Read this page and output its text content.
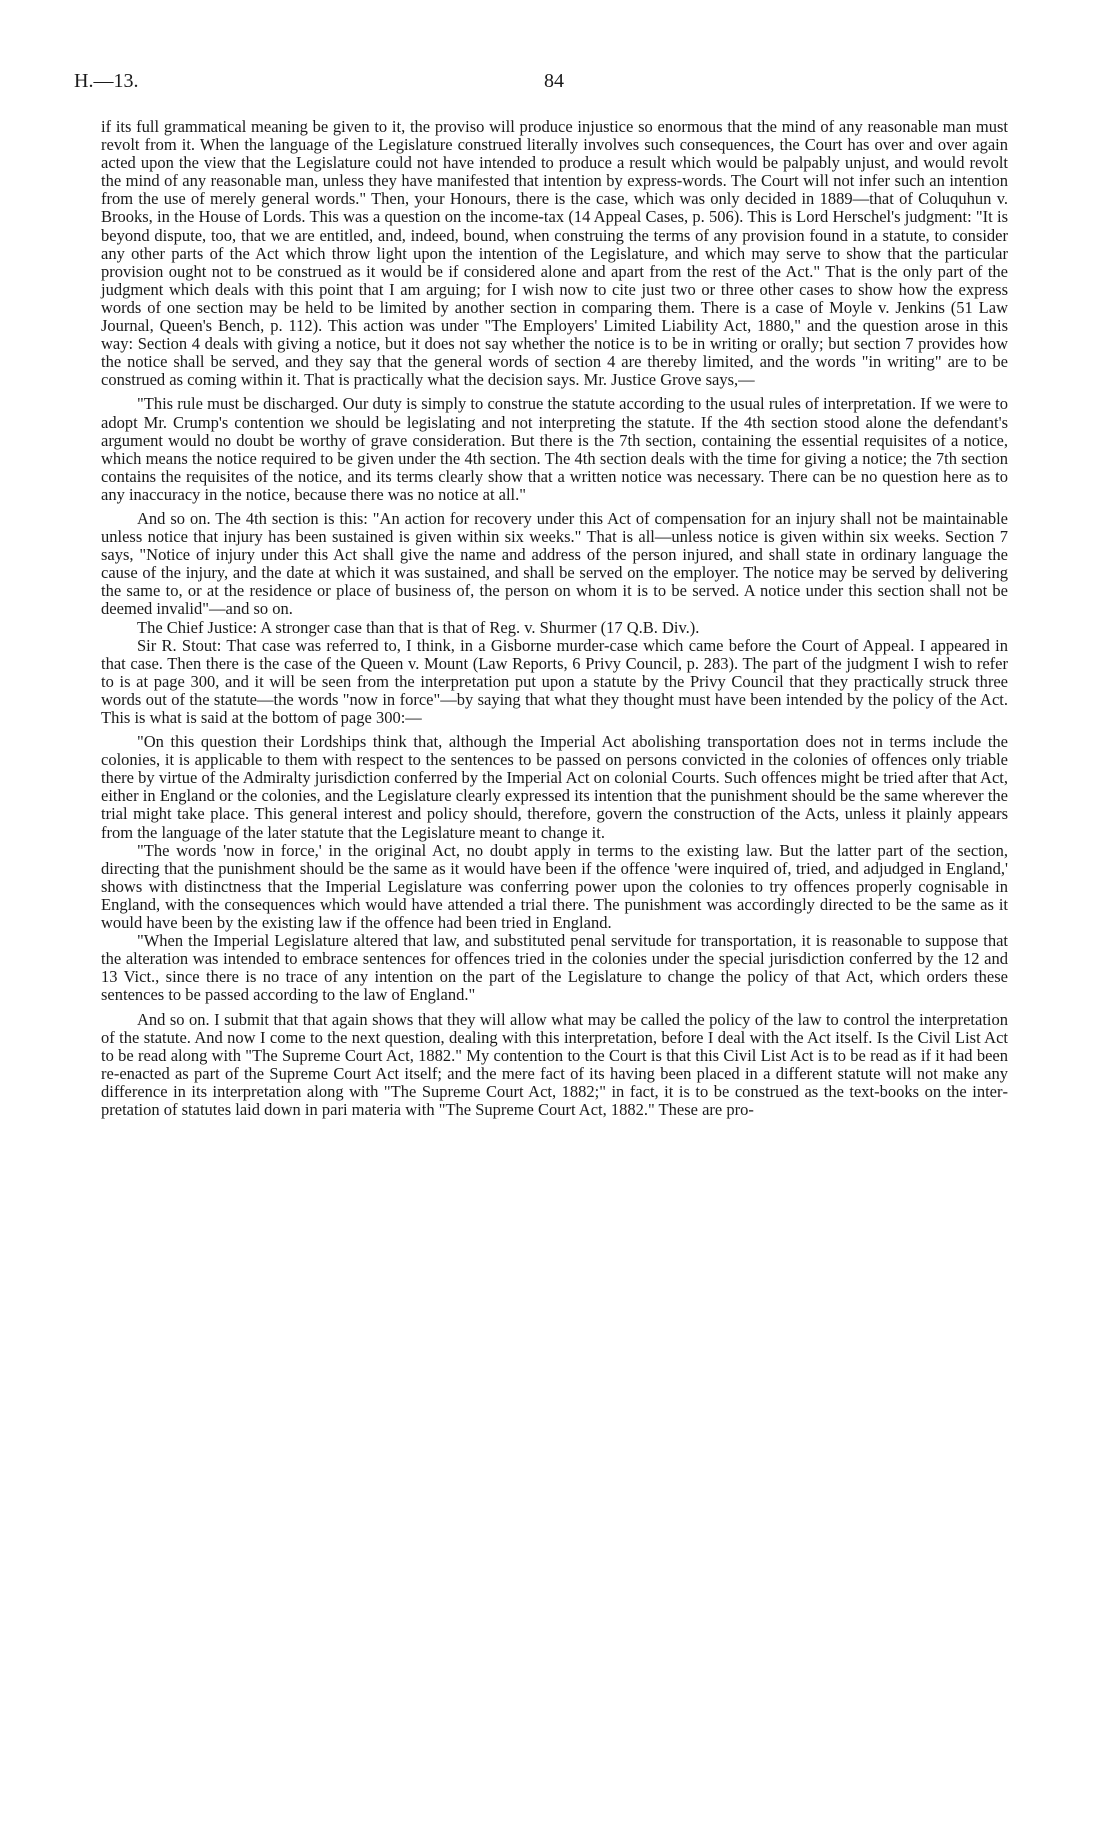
H.—13.	84

if its full grammatical meaning be given to it, the proviso will produce injustice so enormous that the mind of any reasonable man must revolt from it. When the language of the Legislature construed literally involves such consequences, the Court has over and over again acted upon the view that the Legislature could not have intended to produce a result which would be palpably unjust, and would revolt the mind of any reasonable man, unless they have manifested that intention by express-words. The Court will not infer such an intention from the use of merely general words." Then, your Honours, there is the case, which was only decided in 1889—that of Coluquhun v. Brooks, in the House of Lords. This was a question on the income-tax (14 Appeal Cases, p. 506). This is Lord Herschel's judgment: "It is beyond dispute, too, that we are entitled, and, indeed, bound, when construing the terms of any provision found in a statute, to consider any other parts of the Act which throw light upon the intention of the Legislature, and which may serve to show that the particular provision ought not to be construed as it would be if considered alone and apart from the rest of the Act." That is the only part of the judgment which deals with this point that I am arguing; for I wish now to cite just two or three other cases to show how the express words of one section may be held to be limited by another section in comparing them. There is a case of Moyle v. Jenkins (51 Law Journal, Queen's Bench, p. 112). This action was under "The Employers' Limited Liability Act, 1880," and the question arose in this way: Section 4 deals with giving a notice, but it does not say whether the notice is to be in writing or orally; but section 7 provides how the notice shall be served, and they say that the general words of section 4 are thereby limited, and the words "in writing" are to be construed as coming within it. That is practically what the decision says. Mr. Justice Grove says,—

"This rule must be discharged. Our duty is simply to construe the statute according to the usual rules of interpretation. If we were to adopt Mr. Crump's contention we should be legislating and not interpreting the statute. If the 4th section stood alone the defendant's argument would no doubt be worthy of grave consideration. But there is the 7th section, containing the essential requisites of a notice, which means the notice required to be given under the 4th section. The 4th section deals with the time for giving a notice; the 7th section contains the requisites of the notice, and its terms clearly show that a written notice was necessary. There can be no question here as to any inaccuracy in the notice, because there was no notice at all."

And so on. The 4th section is this: "An action for recovery under this Act of compensation for an injury shall not be maintainable unless notice that injury has been sustained is given within six weeks." That is all—unless notice is given within six weeks. Section 7 says, "Notice of injury under this Act shall give the name and address of the person injured, and shall state in ordinary language the cause of the injury, and the date at which it was sustained, and shall be served on the employer. The notice may be served by delivering the same to, or at the residence or place of business of, the person on whom it is to be served. A notice under this section shall not be deemed invalid"—and so on.

The Chief Justice: A stronger case than that is that of Reg. v. Shurmer (17 Q.B. Div.).

Sir R. Stout: That case was referred to, I think, in a Gisborne murder-case which came before the Court of Appeal. I appeared in that case. Then there is the case of the Queen v. Mount (Law Reports, 6 Privy Council, p. 283). The part of the judgment I wish to refer to is at page 300, and it will be seen from the interpretation put upon a statute by the Privy Council that they practically struck three words out of the statute—the words "now in force"—by saying that what they thought must have been intended by the policy of the Act. This is what is said at the bottom of page 300:—

"On this question their Lordships think that, although the Imperial Act abolishing transportation does not in terms include the colonies, it is applicable to them with respect to the sentences to be passed on persons convicted in the colonies of offences only triable there by virtue of the Admiralty jurisdiction conferred by the Imperial Act on colonial Courts. Such offences might be tried after that Act, either in England or the colonies, and the Legislature clearly expressed its intention that the punishment should be the same wherever the trial might take place. This general interest and policy should, therefore, govern the construction of the Acts, unless it plainly appears from the language of the later statute that the Legislature meant to change it.

"The words 'now in force,' in the original Act, no doubt apply in terms to the existing law. But the latter part of the section, directing that the punishment should be the same as it would have been if the offence 'were inquired of, tried, and adjudged in England,' shows with distinctness that the Imperial Legislature was conferring power upon the colonies to try offences properly cognisable in England, with the consequences which would have attended a trial there. The punishment was accordingly directed to be the same as it would have been by the existing law if the offence had been tried in England.

"When the Imperial Legislature altered that law, and substituted penal servitude for transportation, it is reasonable to suppose that the alteration was intended to embrace sentences for offences tried in the colonies under the special jurisdiction conferred by the 12 and 13 Vict., since there is no trace of any intention on the part of the Legislature to change the policy of that Act, which orders these sentences to be passed according to the law of England."

And so on. I submit that that again shows that they will allow what may be called the policy of the law to control the interpretation of the statute. And now I come to the next question, dealing with this interpretation, before I deal with the Act itself. Is the Civil List Act to be read along with "The Supreme Court Act, 1882." My contention to the Court is that this Civil List Act is to be read as if it had been re-enacted as part of the Supreme Court Act itself; and the mere fact of its having been placed in a different statute will not make any difference in its interpretation along with "The Supreme Court Act, 1882;" in fact, it is to be construed as the text-books on the interpretation of statutes laid down in pari materia with "The Supreme Court Act, 1882." These are pro-
